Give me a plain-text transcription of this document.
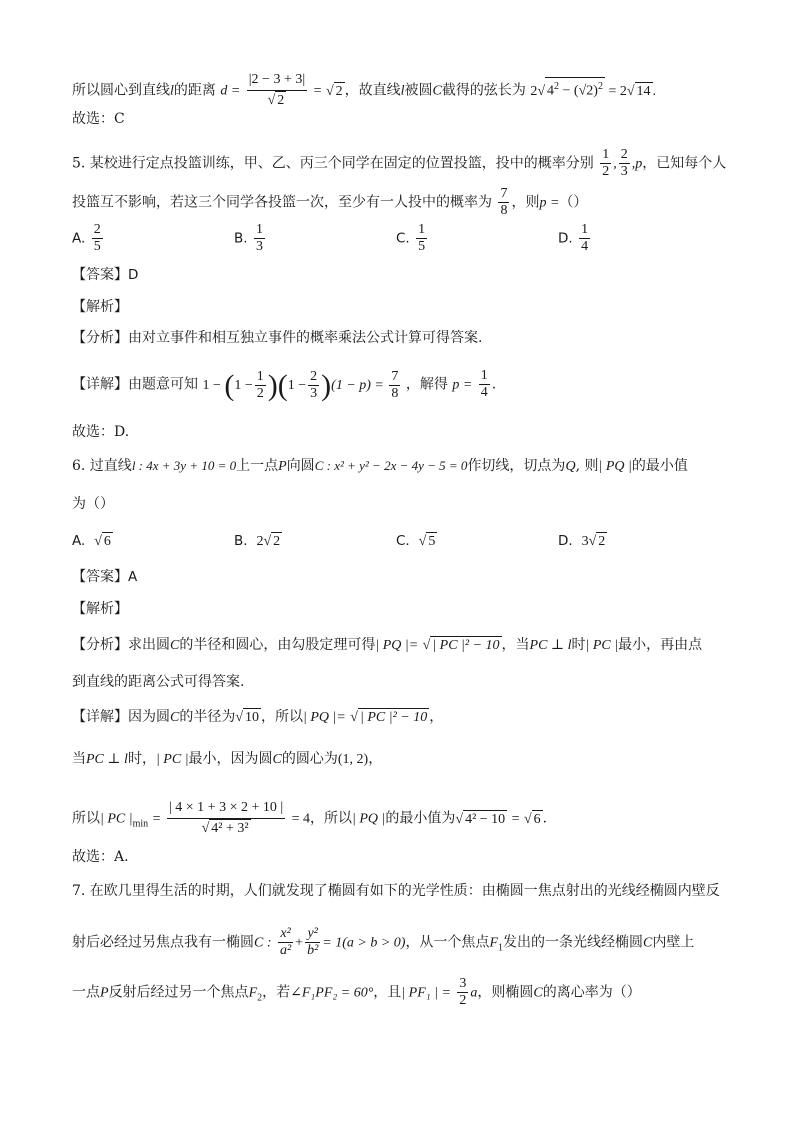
所以圆心到直线l的距离 $d = \frac{|2 - 3 + 3|}{√ 2}$ = √ 2 ，故直线l被圆C截得的弦长为 2√ $4^2 - (√2)^2 = 2√$ 14 .
故选：C
5. 某校进行定点投篮训练，甲、乙、丙三个同学在固定的位置投篮，投中的概率分别 $\frac{1}{2}$ , $\frac{2}{3} ,p$，已知每个人
投篮互不影响，若这三个同学各投篮一次，至少有一人投中的概率为 $\frac{7}{8}$ ，则p =（）
A. $\frac{2}{5}$	B. $\frac{1}{3}$	C. $\frac{1}{5}$	D. $\frac{1}{4}$
【答案】D
【解析】
【分析】由对立事件和相互独立事件的概率乘法公式计算可得答案.
【详解】由题意可知 $1 - (1 - \frac{1}{2} )(1 - \frac{2}{3} )(1 - p) = \frac{7}{8}$ ，解得 $p = \frac{1}{4}$ .
故选：D.
6. 过直线l : 4x + 3y + 10 = 0上一点P向圆C : x² + y² − 2x − 4y − 5 = 0作切线，切点为Q, 则| PQ |的最小值
为（）
A. √ 6	B. 2√ 2	C. √ 5	D. 3√ 2
【答案】A
【解析】
【分析】求出圆C的半径和圆心，由勾股定理可得| PQ |= √ | PC |² − 10 ，当PC ⊥ l时| PC |最小，再由点
到直线的距离公式可得答案.
【详解】因为圆C的半径为√ 10 ，所以| PQ |= √ | PC |² − 10 ，
当PC ⊥ l时，| PC |最小，因为圆C的圆心为(1, 2)，
所以| PC $|_{min} = \frac{| 4 \times 1 + 3 \times 2 + 10 |}{\text{√ 4² + 3²}} = 4$，所以| PQ |的最小值为√ 4² − 10 = √ 6 .
故选：A.
7. 在欧几里得生活的时期，人们就发现了椭圆有如下的光学性质：由椭圆一焦点射出的光线经椭圆内壁反
射后必经过另焦点我有一椭圆C : $\frac{\text{x²}}{\text{a²}} + \frac{\text{y²}}{\text{b²}} = 1(a > b > 0)$，从一个焦点$F_1$发出的一条光线经椭圆C内壁上
一点P反射后经过另一个焦点$F_2$，若∠F₁PF₂ = 60°，且| PF₁ | = $\frac{3}{2}$ a，则椭圆C的离心率为（）
